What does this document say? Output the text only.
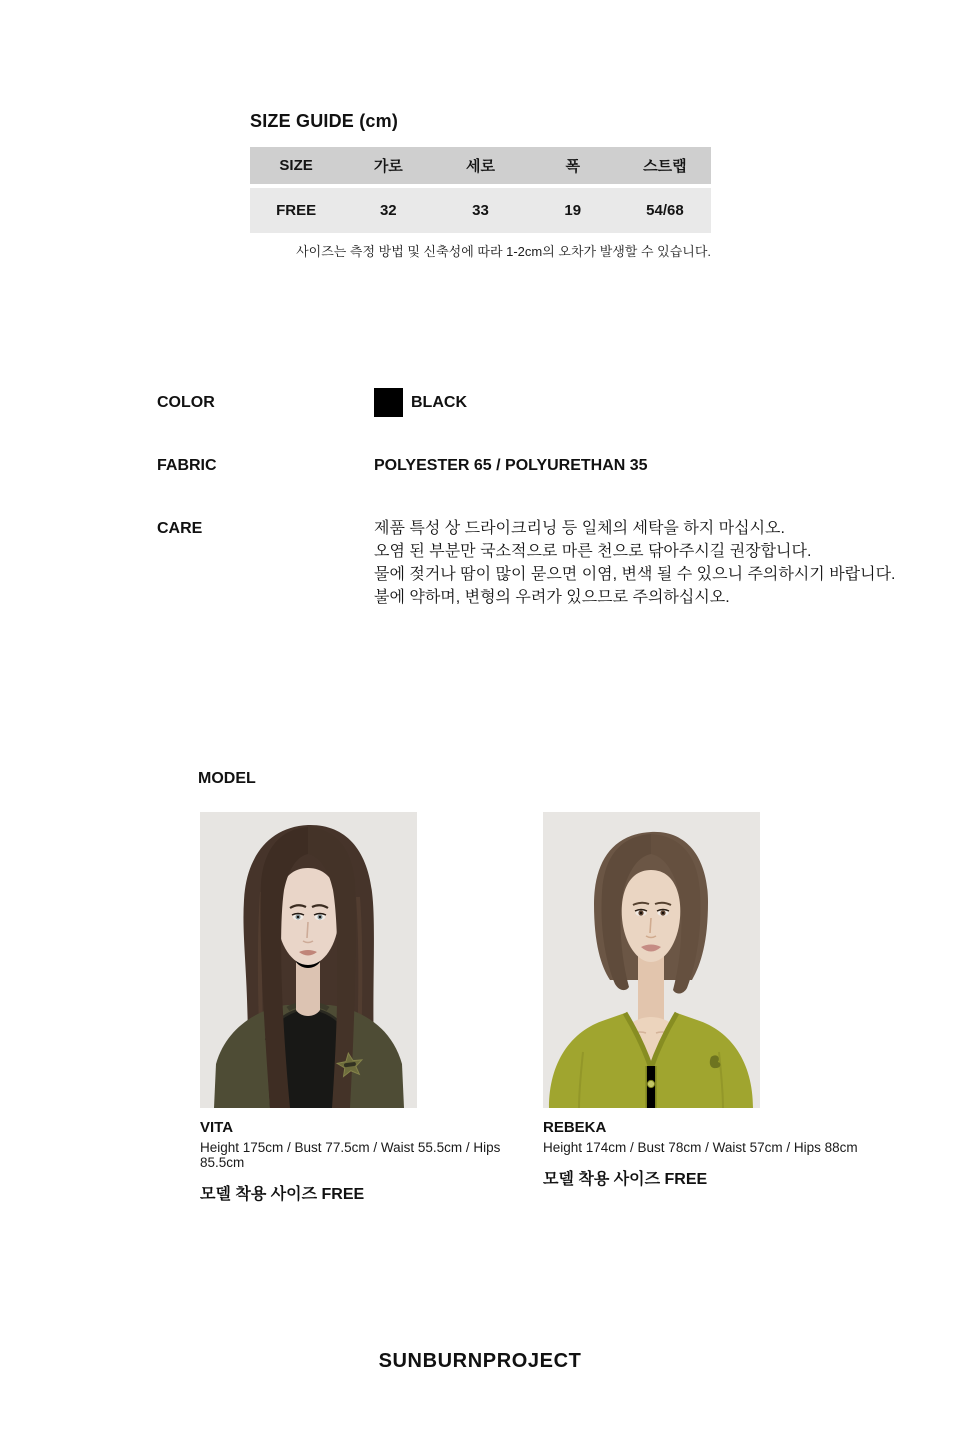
SIZE GUIDE (cm)
SIZE	가로	세로	폭	스트랩
FREE	32	33	19	54/68
사이즈는 측정 방법 및 신축성에 따라 1-2cm의 오차가 발생할 수 있습니다.
COLOR	BLACK
FABRIC	POLYESTER 65 / POLYURETHAN 35
CARE	제품 특성 상 드라이크리닝 등 일체의 세탁을 하지 마십시오.
오염 된 부분만 국소적으로 마른 천으로 닦아주시길 권장합니다.
물에 젖거나 땀이 많이 묻으면 이염, 변색 될 수 있으니 주의하시기 바랍니다.
불에 약하며, 변형의 우려가 있으므로 주의하십시오.
MODEL
VITA
Height 175cm / Bust 77.5cm / Waist 55.5cm / Hips 85.5cm
모델 착용 사이즈 FREE
REBEKA
Height 174cm / Bust 78cm / Waist 57cm / Hips 88cm
모델 착용 사이즈 FREE
SUNBURNPROJECT
